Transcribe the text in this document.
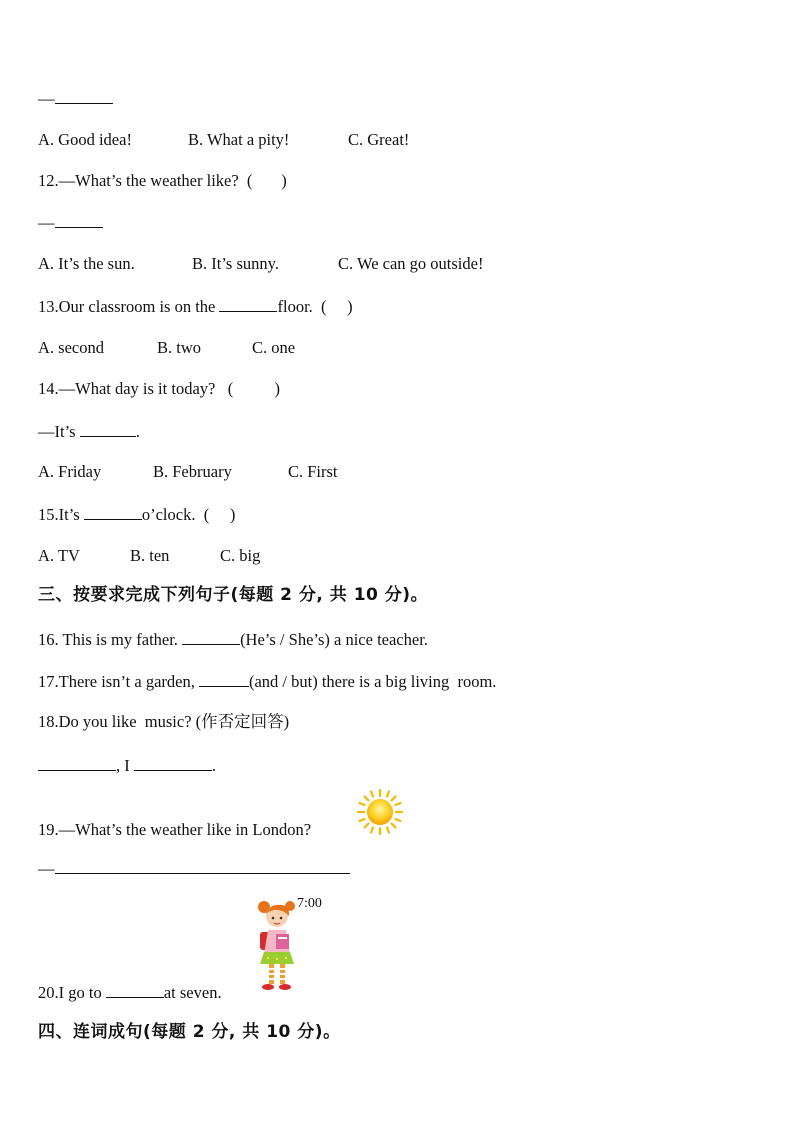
—
A. Good idea!	B. What a pity!	C. Great!
12.—What’s the weather like?  (       )
—
A. It’s the sun.	B. It’s sunny.	C. We can go outside!
13.Our classroom is on the	floor.  (     )
A. second	B. two	C. one
14.—What day is it today?   (          )
—It’s	.
A. Friday	B. February	C. First
15.It’s	o’clock.  (     )
A. TV	B. ten	C. big
三、按要求完成下列句子(每题 2 分, 共 10 分)。
16. This is my father.	(He’s / She’s) a nice teacher.
17.There isn’t a garden,	(and / but) there is a big living  room.
18.Do you like  music? (作否定回答)
, I	.
19.—What’s the weather like in London?
—
7:00
20.I go to	at seven.
四、连词成句(每题 2 分, 共 10 分)。
